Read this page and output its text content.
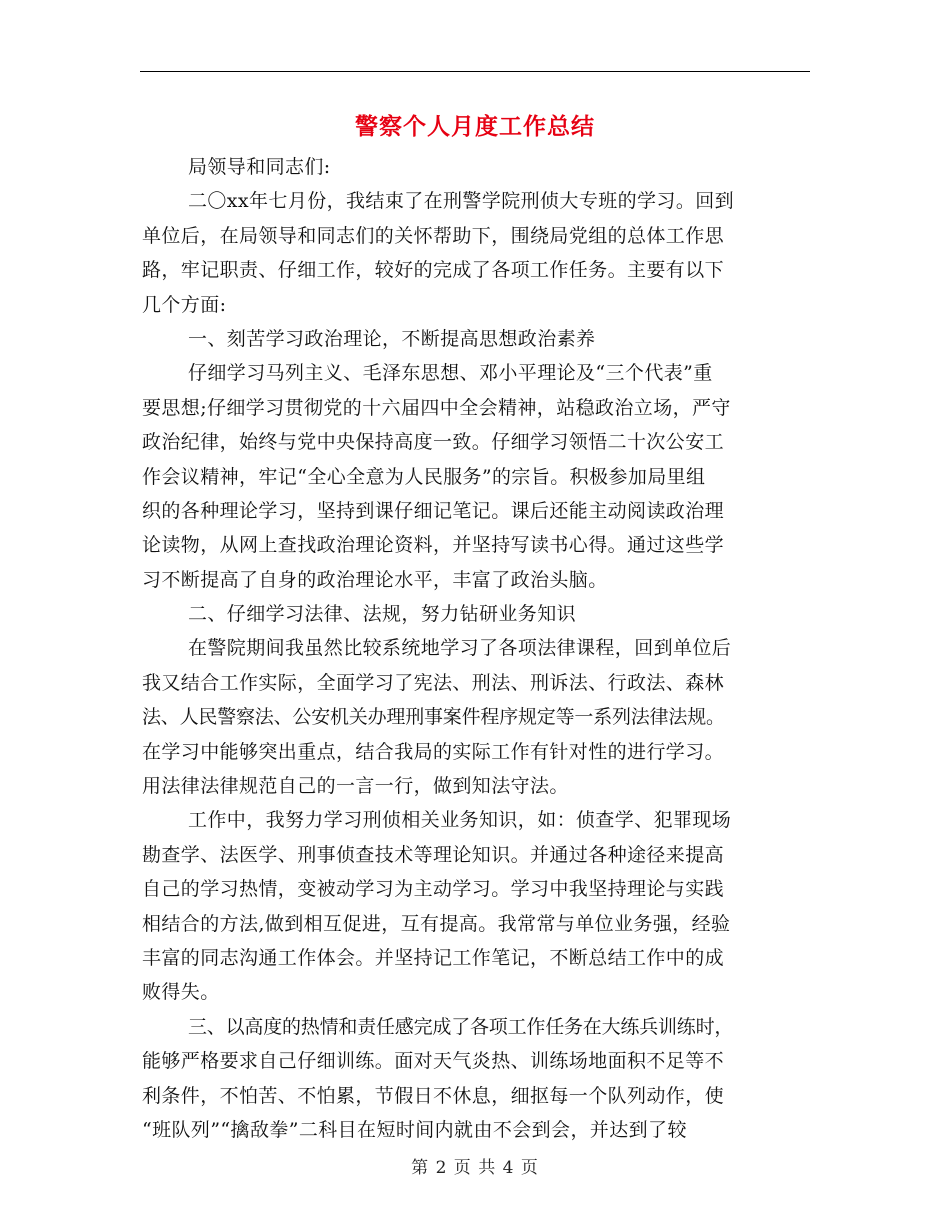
警察个人月度工作总结
局领导和同志们:
二〇xx年七月份，我结束了在刑警学院刑侦大专班的学习。回到
单位后，在局领导和同志们的关怀帮助下，围绕局党组的总体工作思
路，牢记职责、仔细工作，较好的完成了各项工作任务。主要有以下
几个方面:
一、刻苦学习政治理论，不断提高思想政治素养
仔细学习马列主义、毛泽东思想、邓小平理论及“三个代表”重
要思想;仔细学习贯彻党的十六届四中全会精神，站稳政治立场，严守
政治纪律，始终与党中央保持高度一致。仔细学习领悟二十次公安工
作会议精神，牢记“全心全意为人民服务”的宗旨。积极参加局里组
织的各种理论学习，坚持到课仔细记笔记。课后还能主动阅读政治理
论读物，从网上查找政治理论资料，并坚持写读书心得。通过这些学
习不断提高了自身的政治理论水平，丰富了政治头脑。
二、仔细学习法律、法规，努力钻研业务知识
在警院期间我虽然比较系统地学习了各项法律课程，回到单位后
我又结合工作实际，全面学习了宪法、刑法、刑诉法、行政法、森林
法、人民警察法、公安机关办理刑事案件程序规定等一系列法律法规。
在学习中能够突出重点，结合我局的实际工作有针对性的进行学习。
用法律法律规范自己的一言一行，做到知法守法。
工作中，我努力学习刑侦相关业务知识，如：侦查学、犯罪现场
勘查学、法医学、刑事侦查技术等理论知识。并通过各种途径来提高
自己的学习热情，变被动学习为主动学习。学习中我坚持理论与实践
相结合的方法,做到相互促进，互有提高。我常常与单位业务强，经验
丰富的同志沟通工作体会。并坚持记工作笔记，不断总结工作中的成
败得失。
三、以高度的热情和责任感完成了各项工作任务在大练兵训练时，
能够严格要求自己仔细训练。面对天气炎热、训练场地面积不足等不
利条件，不怕苦、不怕累，节假日不休息，细抠每一个队列动作，使
“班队列”“擒敌拳”二科目在短时间内就由不会到会，并达到了较
第 2 页 共 4 页
